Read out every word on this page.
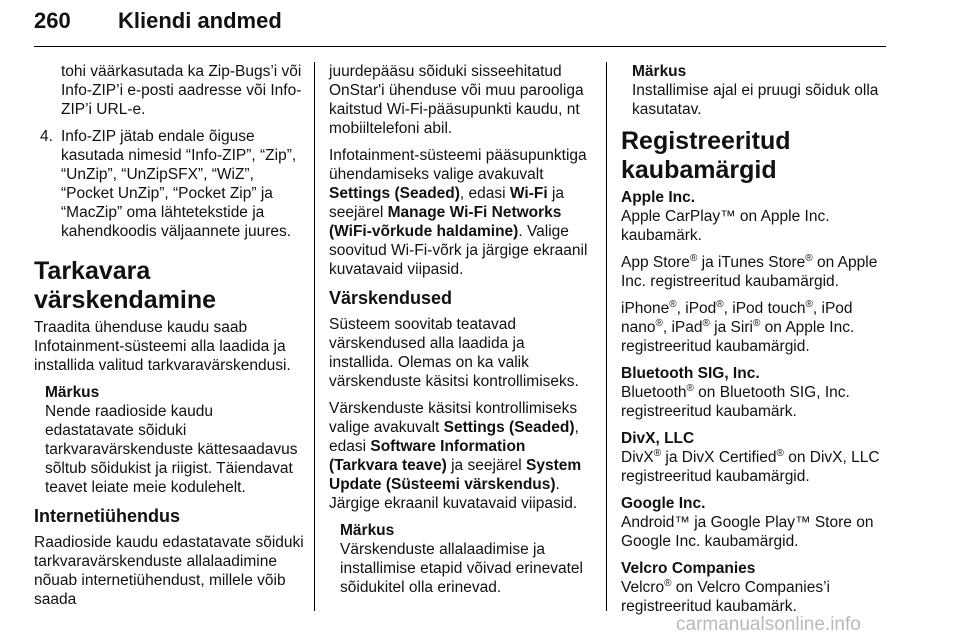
260 Kliendi andmed

tohi väärkasutada ka Zip-Bugs’i või Info-ZIP’i e-posti aadresse või Info-ZIP’i URL-e.

4. Info-ZIP jätab endale õiguse kasutada nimesid “Info-ZIP”, “Zip”, “UnZip”, “UnZipSFX”, “WiZ”, “Pocket UnZip”, “Pocket Zip” ja “MacZip” oma lähtetekstide ja kahendkoodis väljaannete juures.
Tarkavara värskendamine

Traadita ühenduse kaudu saab Infotainment-süsteemi alla laadida ja installida valitud tarkvaravärskendusi.

Märkus
Nende raadioside kaudu edastatavate sõiduki tarkvaravärskenduste kättesaadavus sõltub sõidukist ja riigist. Täiendavat teavet leiate meie kodulehelt.
Internetiühendus

Raadioside kaudu edastatavate sõiduki tarkvaravärskenduste allalaadimine nõuab internetiühendust, millele võib saada

juurdepääsu sõiduki sisseehitatud OnStar'i ühenduse või muu parooliga kaitstud Wi-Fi-pääsupunkti kaudu, nt mobiiltelefoni abil.

Infotainment-süsteemi pääsupunktiga ühendamiseks valige avakuvalt Settings (Seaded), edasi Wi-Fi ja seejärel Manage Wi-Fi Networks (WiFi-võrkude haldamine). Valige soovitud Wi-Fi-võrk ja järgige ekraanil kuvatavaid viipasid.

Värskendused

Süsteem soovitab teatavad värskendused alla laadida ja installida. Olemas on ka valik värskenduste käsitsi kontrollimiseks.

Värskenduste käsitsi kontrollimiseks valige avakuvalt Settings (Seaded), edasi Software Information (Tarkvara teave) ja seejärel System Update (Süsteemi värskendus). Järgige ekraanil kuvatavaid viipasid.

Märkus
Värskenduste allalaadimise ja installimise etapid võivad erinevatel sõidukitel olla erinevad.
Märkus
Installimise ajal ei pruugi sõiduk olla kasutatav.
Registreeritud kaubamärgid
Apple Inc.

Apple CarPlay™ on Apple Inc. kaubamärk.

App Store® ja iTunes Store® on Apple Inc. registreeritud kaubamärgid.

iPhone®, iPod®, iPod touch®, iPod nano®, iPad® ja Siri® on Apple Inc. registreeritud kaubamärgid.

Bluetooth SIG, Inc.

Bluetooth® on Bluetooth SIG, Inc. registreeritud kaubamärk.

DivX, LLC

DivX® ja DivX Certified® on DivX, LLC registreeritud kaubamärgid.

Google Inc.

Android™ ja Google Play™ Store on Google Inc. kaubamärgid.

Velcro Companies

Velcro® on Velcro Companies’i registreeritud kaubamärk.

carmanualsonline.info
